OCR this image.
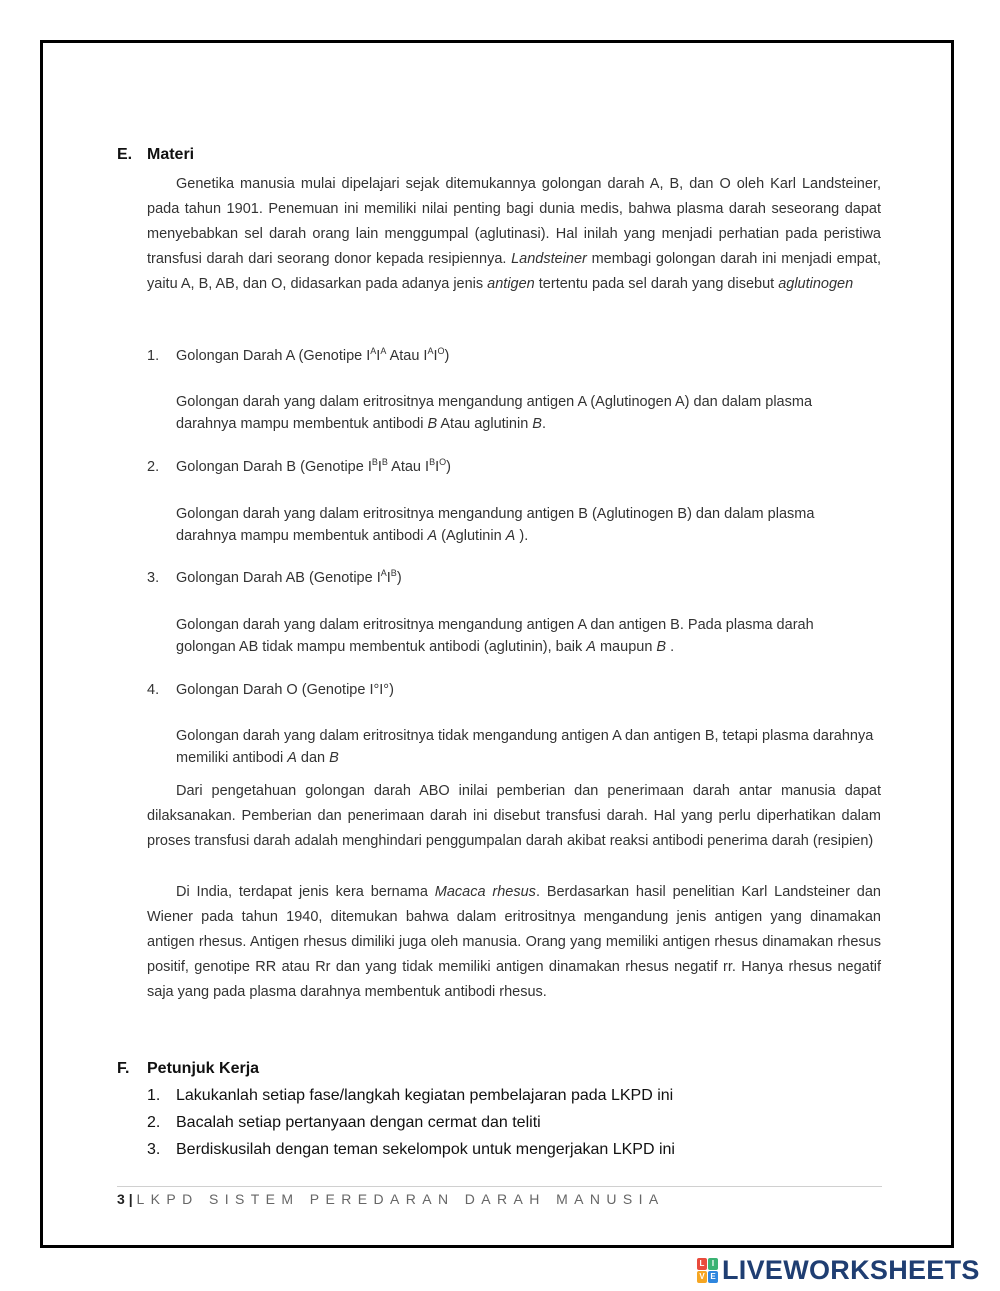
E. Materi

Genetika manusia mulai dipelajari sejak ditemukannya golongan darah A, B, dan O oleh Karl Landsteiner, pada tahun 1901. Penemuan ini memiliki nilai penting bagi dunia medis, bahwa plasma darah seseorang dapat menyebabkan sel darah orang lain menggumpal (aglutinasi). Hal inilah yang menjadi perhatian pada peristiwa transfusi darah dari seorang donor kepada resipiennya. Landsteiner membagi golongan darah ini menjadi empat, yaitu A, B, AB, dan O, didasarkan pada adanya jenis antigen tertentu pada sel darah yang disebut aglutinogen

1. Golongan Darah A (Genotipe $I^AI^A$ Atau $I^AI^O$)

Golongan darah yang dalam eritrositnya mengandung antigen A (Aglutinogen A) dan dalam plasma darahnya mampu membentuk antibodi B Atau aglutinin B.

2. Golongan Darah B (Genotipe $I^BI^B$ Atau $I^BI^O$)

Golongan darah yang dalam eritrositnya mengandung antigen B (Aglutinogen B) dan dalam plasma darahnya mampu membentuk antibodi A (Aglutinin A ).

3. Golongan Darah AB (Genotipe $I^AI^B$)

Golongan darah yang dalam eritrositnya mengandung antigen A dan antigen B. Pada plasma darah golongan AB tidak mampu membentuk antibodi (aglutinin), baik A maupun B .

4. Golongan Darah O (Genotipe I°I°)

Golongan darah yang dalam eritrositnya tidak mengandung antigen A dan antigen B, tetapi plasma darahnya memiliki antibodi A dan B

Dari pengetahuan golongan darah ABO inilai pemberian dan penerimaan darah antar manusia dapat dilaksanakan. Pemberian dan penerimaan darah ini disebut transfusi darah. Hal yang perlu diperhatikan dalam proses transfusi darah adalah menghindari penggumpalan darah akibat reaksi antibodi penerima darah (resipien)

Di India, terdapat jenis kera bernama Macaca rhesus. Berdasarkan hasil penelitian Karl Landsteiner dan Wiener pada tahun 1940, ditemukan bahwa dalam eritrositnya mengandung jenis antigen yang dinamakan antigen rhesus. Antigen rhesus dimiliki juga oleh manusia. Orang yang memiliki antigen rhesus dinamakan rhesus positif, genotipe RR atau Rr dan yang tidak memiliki antigen dinamakan rhesus negatif rr. Hanya rhesus negatif saja yang pada plasma darahnya membentuk antibodi rhesus.

F. Petunjuk Kerja
1. Lakukanlah setiap fase/langkah kegiatan pembelajaran pada LKPD ini
2. Bacalah setiap pertanyaan dengan cermat dan teliti
3. Berdiskusilah dengan teman sekelompok untuk mengerjakan LKPD ini
3 | LKPD SISTEM PEREDARAN DARAH MANUSIA
L I
V E LIVEWORKSHEETS
